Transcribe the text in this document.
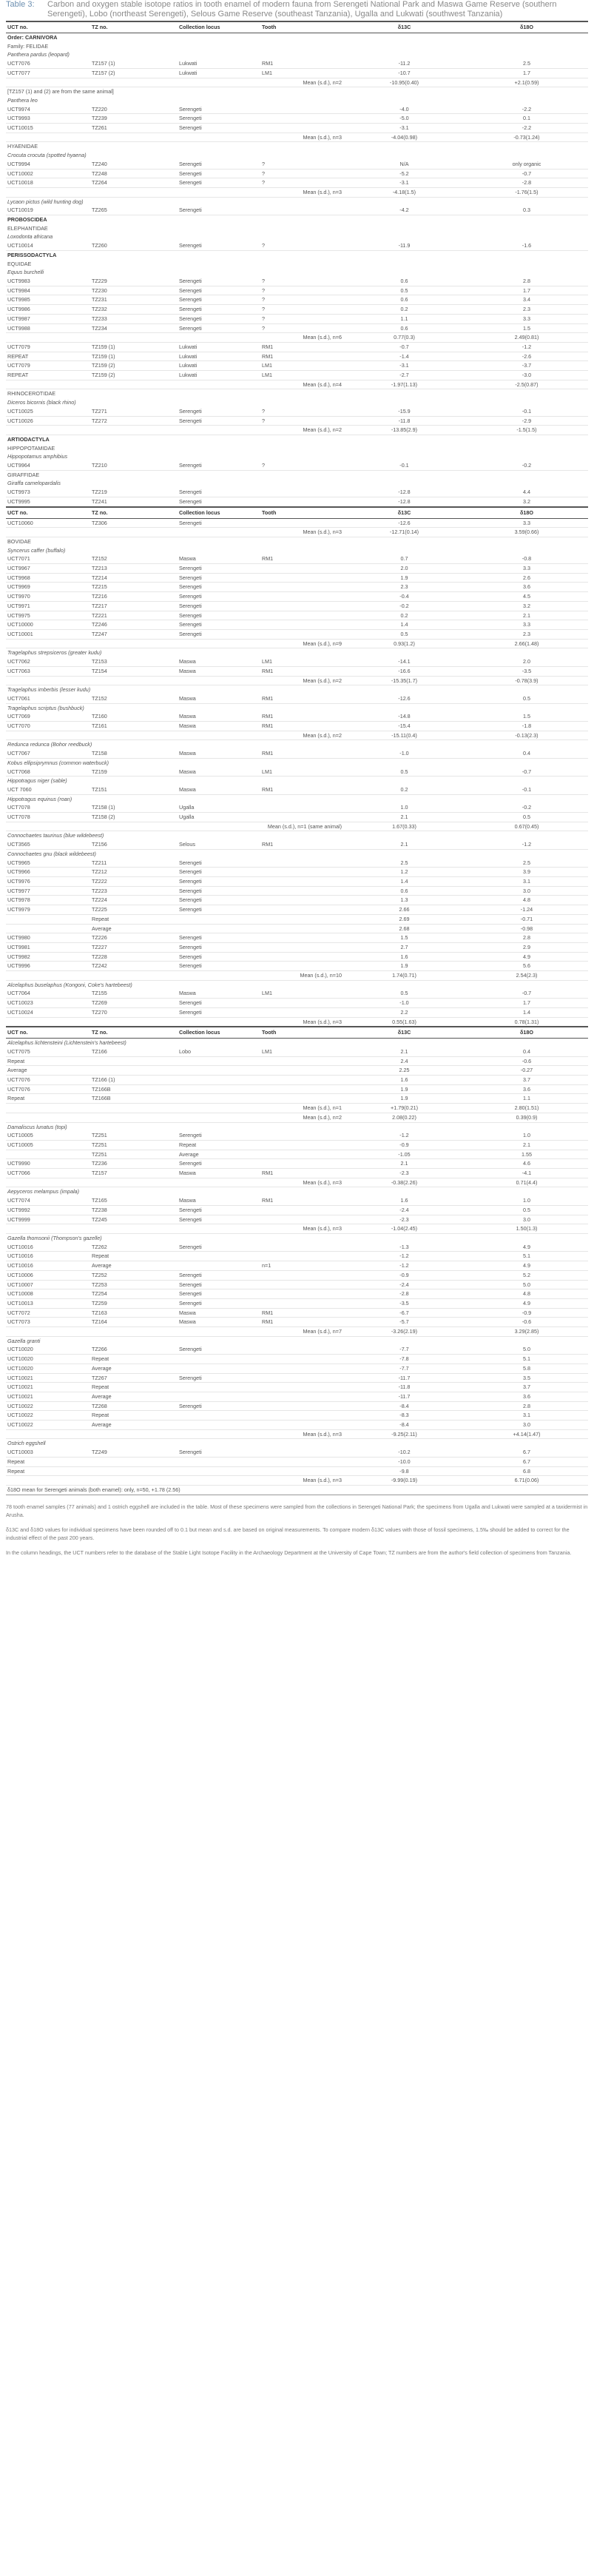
Table 3:	Carbon and oxygen stable isotope ratios in tooth enamel of modern fauna from Serengeti National Park and Maswa Game Reserve (southern Serengeti), Lobo (northeast Serengeti), Selous Game Reserve (southeast Tanzania), Ugalla and Lukwati (southwest Tanzania)
UCT no.	TZ no.	Collection locus	Tooth	δ13C	δ18O
Order: CARNIVORA					
Family: FELIDAE					
Panthera pardus (leopard)					
UCT7076	TZ157 (1)	Lukwati	RM1	-11.2	2.5
UCT7077	TZ157 (2)	Lukwati	LM1	-10.7	1.7
Mean (s.d.), n=2				-10.95(0.40)	+2.1(0.59)
[TZ157 (1) and (2) are from the same animal]					
Panthera leo					
UCT9974	TZ220	Serengeti		-4.0	-2.2
UCT9993	TZ239	Serengeti		-5.0	0.1
UCT10015	TZ261	Serengeti		-3.1	-2.2
Mean (s.d.), n=3				-4.04(0.98)	-0.73(1.24)
HYAENIDAE					
Crocuta crocuta (spotted hyaena)					
UCT9994	TZ240	Serengeti	?	N/A	only organic
UCT10002	TZ248	Serengeti	?	-5.2	-0.7
UCT10018	TZ264	Serengeti	?	-3.1	-2.8
Mean (s.d.), n=3				-4.18(1.5)	-1.76(1.5)
Lycaon pictus (wild hunting dog)					
UCT10019	TZ265	Serengeti		-4.2	0.3
PROBOSCIDEA					
ELEPHANTIDAE					
Loxodonta africana					
UCT10014	TZ260	Serengeti	?	-11.9	-1.6
PERISSODACTYLA					
EQUIDAE					
Equus burchelli					
UCT9983	TZ229	Serengeti	?	0.6	2.8
UCT9984	TZ230	Serengeti	?	0.5	1.7
UCT9985	TZ231	Serengeti	?	0.6	3.4
UCT9986	TZ232	Serengeti	?	0.2	2.3
UCT9987	TZ233	Serengeti	?	1.1	3.3
UCT9988	TZ234	Serengeti	?	0.6	1.5
Mean (s.d.), n=6				0.77(0.3)	2.49(0.81)
UCT7079	TZ159 (1)	Lukwati	RM1	-0.7	-1.2
REPEAT	TZ159 (1)	Lukwati	RM1	-1.4	-2.6
UCT7079	TZ159 (2)	Lukwati	LM1	-3.1	-3.7
REPEAT	TZ159 (2)	Lukwati	LM1	-2.7	-3.0
Mean (s.d.), n=4				-1.97(1.13)	-2.5(0.87)
RHINOCEROTIDAE					
Diceros bicornis (black rhino)					
UCT10025	TZ271	Serengeti	?	-15.9	-0.1
UCT10026	TZ272	Serengeti	?	-11.8	-2.9
Mean (s.d.), n=2				-13.85(2.9)	-1.5(1.5)
ARTIODACTYLA					
HIPPOPOTAMIDAE					
Hippopotamus amphibius					
UCT9964	TZ210	Serengeti	?	-0.1	-0.2
GIRAFFIDAE					
Giraffa camelopardalis					
UCT9973	TZ219	Serengeti		-12.8	4.4
UCT9995	TZ241	Serengeti		-12.8	3.2
UCT no.	TZ no.	Collection locus	Tooth	δ13C	δ18O
UCT10060	TZ306	Serengeti		-12.6	3.3
Mean (s.d.), n=3				-12.71(0.14)	3.59(0.66)
BOVIDAE					
Syncerus caffer (buffalo)					
UCT7071	TZ152	Maswa	RM1	0.7	-0.8
UCT9967	TZ213	Serengeti		2.0	3.3
UCT9968	TZ214	Serengeti		1.9	2.6
UCT9969	TZ215	Serengeti		2.3	3.6
UCT9970	TZ216	Serengeti		-0.4	4.5
UCT9971	TZ217	Serengeti		-0.2	3.2
UCT9975	TZ221	Serengeti		0.2	2.1
UCT10000	TZ246	Serengeti		1.4	3.3
UCT10001	TZ247	Serengeti		0.5	2.3
Mean (s.d.), n=9				0.93(1.2)	2.66(1.48)
Tragelaphus strepsiceros (greater kudu)					
UCT7062	TZ153	Maswa	LM1	-14.1	2.0
UCT7063	TZ154	Maswa	RM1	-16.6	-3.5
Mean (s.d.), n=2				-15.35(1.7)	-0.78(3.9)
Tragelaphus imberbis (lesser kudu)					
UCT7061	TZ152	Maswa	RM1	-12.6	0.5
Tragelaphus scriptus (bushbuck)					
UCT7069	TZ160	Maswa	RM1	-14.8	1.5
UCT7070	TZ161	Maswa	RM1	-15.4	-1.8
Mean (s.d.), n=2				-15.11(0.4)	-0.13(2.3)
Redunca redunca (Bohor reedbuck)					
UCT7067	TZ158	Maswa	RM1	-1.0	0.4
Kobus ellipsiprymnus (common waterbuck)					
UCT7068	TZ159	Maswa	LM1	0.5	-0.7
Hippotragus niger (sable)					
UCT 7060	TZ151	Maswa	RM1	0.2	-0.1
Hippotragus equinus (roan)					
UCT7078	TZ158 (1)	Ugalla		1.0	-0.2
UCT7078	TZ158 (2)	Ugalla		2.1	0.5
Mean (s.d.), n=1 (same animal)				1.67(0.33)	0.67(0.45)
Connochaetes taurinus (blue wildebeest)					
UCT3565	TZ156	Selous	RM1	2.1	-1.2
Connochaetes gnu (black wildebeest)					
UCT9965	TZ211	Serengeti		2.5	2.5
UCT9966	TZ212	Serengeti		1.2	3.9
UCT9976	TZ222	Serengeti		1.4	3.1
UCT9977	TZ223	Serengeti		0.6	3.0
UCT9978	TZ224	Serengeti		1.3	4.8
UCT9979	TZ225	Serengeti		2.66	-1.24
	Repeat			2.69	-0.71
	Average			2.68	-0.98
UCT9980	TZ226	Serengeti		1.5	2.8
UCT9981	TZ227	Serengeti		2.7	2.9
UCT9982	TZ228	Serengeti		1.6	4.9
UCT9996	TZ242	Serengeti		1.9	5.6
Mean (s.d.), n=10				1.74(0.71)	2.54(2.3)
Alcelaphus buselaphus (Kongoni, Coke's hartebeest)					
UCT7064	TZ155	Maswa	LM1	0.5	-0.7
UCT10023	TZ269	Serengeti		-1.0	1.7
UCT10024	TZ270	Serengeti		2.2	1.4
Mean (s.d.), n=3				0.55(1.63)	0.78(1.31)
UCT no.	TZ no.	Collection locus	Tooth	δ13C	δ18O
Alcelaphus lichtensteini (Lichtenstein's hartebeest)					
UCT7075	TZ166	Lobo	LM1	2.1	0.4
Repeat				2.4	-0.6
Average				2.25	-0.27
UCT7076	TZ166 (1)			1.6	3.7
UCT7076	TZ166B			1.9	3.6
Repeat	TZ166B			1.9	1.1
Mean (s.d.), n=1				+1.79(0.21)	2.80(1.51)
Mean (s.d.), n=2				2.08(0.22)	0.39(0.9)
Damaliscus lunatus (topi)					
UCT10005	TZ251	Serengeti		-1.2	1.0
UCT10005	TZ251	Repeat		-0.9	2.1
	TZ251	Average		-1.05	1.55
UCT9990	TZ236	Serengeti		2.1	4.6
UCT7066	TZ157	Maswa	RM1	-2.3	-4.1
Mean (s.d.), n=3				-0.38(2.26)	0.71(4.4)
Aepyceros melampus (impala)					
UCT7074	TZ165	Maswa	RM1	1.6	1.0
UCT9992	TZ238	Serengeti		-2.4	0.5
UCT9999	TZ245	Serengeti		-2.3	3.0
Mean (s.d.), n=3				-1.04(2.45)	1.50(1.3)
Gazella thomsonii (Thompson's gazelle)					
UCT10016	TZ262	Serengeti		-1.3	4.9
UCT10016	Repeat			-1.2	5.1
UCT10016	Average		n=1	-1.2	4.9
UCT10006	TZ252	Serengeti		-0.9	5.2
UCT10007	TZ253	Serengeti		-2.4	5.0
UCT10008	TZ254	Serengeti		-2.8	4.8
UCT10013	TZ259	Serengeti		-3.5	4.9
UCT7072	TZ163	Maswa	RM1	-6.7	-0.9
UCT7073	TZ164	Maswa	RM1	-5.7	-0.6
Mean (s.d.), n=7				-3.26(2.19)	3.29(2.85)
Gazella granti					
UCT10020	TZ266	Serengeti		-7.7	5.0
UCT10020	Repeat			-7.8	5.1
UCT10020	Average			-7.7	5.8
UCT10021	TZ267	Serengeti		-11.7	3.5
UCT10021	Repeat			-11.8	3.7
UCT10021	Average			-11.7	3.6
UCT10022	TZ268	Serengeti		-8.4	2.8
UCT10022	Repeat			-8.3	3.1
UCT10022	Average			-8.4	3.0
Mean (s.d.), n=3				-9.25(2.11)	+4.14(1.47)
Ostrich eggshell					
UCT10003	TZ249	Serengeti		-10.2	6.7
Repeat				-10.0	6.7
Repeat				-9.8	6.8
Mean (s.d.), n=3				-9.99(0.19)	6.71(0.06)
δ18O mean for Serengeti animals (both enamel): only, n=50, +1.78 (2.56)					

78 tooth enamel samples (77 animals) and 1 ostrich eggshell are included in the table. Most of these specimens were sampled from the collections in Serengeti National Park; the specimens from Ugalla and Lukwati were sampled at a taxidermist in Arusha.

δ13C and δ18O values for individual specimens have been rounded off to 0.1 but mean and s.d. are based on original measurements. To compare modern δ13C values with those of fossil specimens, 1.5‰ should be added to correct for the industrial effect of the past 200 years.

In the column headings, the UCT numbers refer to the database of the Stable Light Isotope Facility in the Archaeology Department at the University of Cape Town; TZ numbers are from the author's field collection of specimens from Tanzania.
